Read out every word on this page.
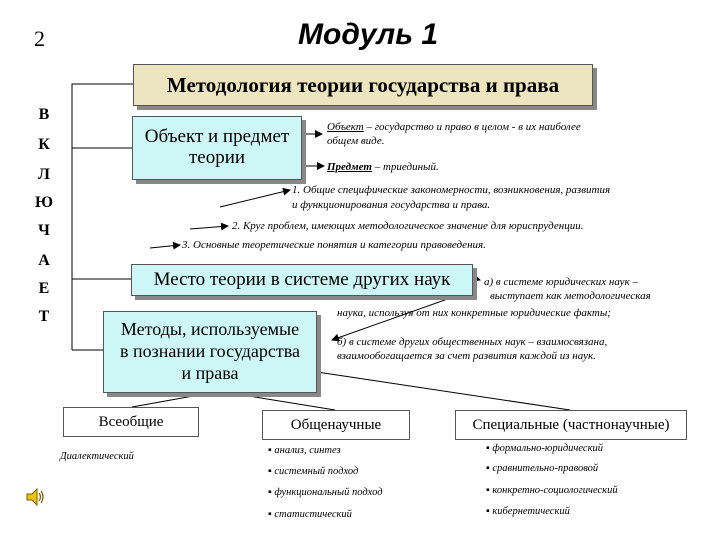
2	Модуль 1
Методология теории государства и права
В
К
Л
Ю
Ч
А
Е
Т
Объект и предмет
теории
Объект – государство и право в целом - в их наиболее
общем виде.
Предмет – триединый.
1. Общие специфические закономерности, возникновения, развития
и функционирования государства и права.
2. Круг проблем, имеющих методологическое значение для юриспруденции.
3. Основные теоретические понятия и категории правоведения.
Место теории в системе других наук	а) в системе юридических наук –
выступает как методологическая
наука, используя от них конкретные юридические факты;
б) в системе других общественных наук – взаимосвязана,
взаимообогащается за счет развития каждой из наук.
Методы, используемые
в познании государства
и права
Всеобщие	Общенаучные	Специальные (частнонаучные)
Диалектический
▪ анализ, синтез
▪ системный подход
▪ функциональный подход
▪ статистический
▪ формально-юридический
▪ сравнительно-правовой
▪ конкретно-социологический
▪ кибернетический
